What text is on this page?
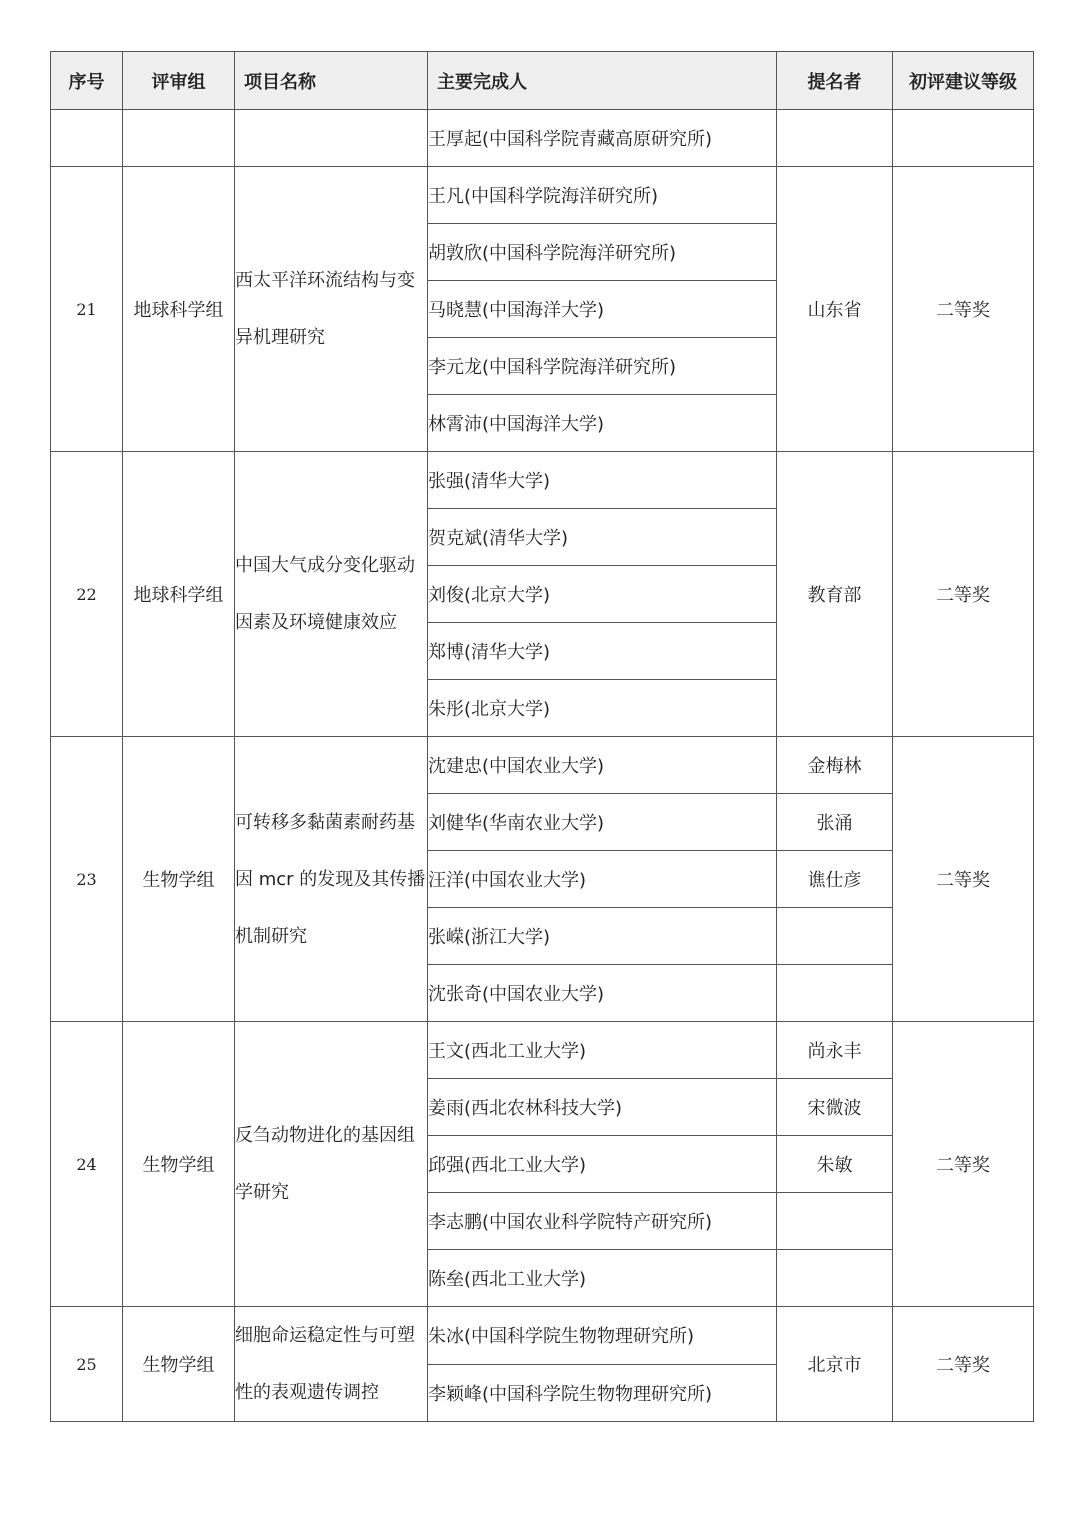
序号	评审组	项目名称	主要完成人	提名者	初评建议等级
			王厚起(中国科学院青藏高原研究所)		
21	地球科学组	西太平洋环流结构与变异机理研究	王凡(中国科学院海洋研究所)	山东省	二等奖
			胡敦欣(中国科学院海洋研究所)		
			马晓慧(中国海洋大学)		
			李元龙(中国科学院海洋研究所)		
			林霄沛(中国海洋大学)		
22	地球科学组	中国大气成分变化驱动因素及环境健康效应	张强(清华大学)	教育部	二等奖
			贺克斌(清华大学)		
			刘俊(北京大学)		
			郑博(清华大学)		
			朱彤(北京大学)		
23	生物学组	可转移多黏菌素耐药基因 mcr 的发现及其传播机制研究	沈建忠(中国农业大学)	金梅林	二等奖
			刘健华(华南农业大学)	张涌	
			汪洋(中国农业大学)	谯仕彦	
			张嵘(浙江大学)		
			沈张奇(中国农业大学)		
24	生物学组	反刍动物进化的基因组学研究	王文(西北工业大学)	尚永丰	二等奖
			姜雨(西北农林科技大学)	宋微波	
			邱强(西北工业大学)	朱敏	
			李志鹏(中国农业科学院特产研究所)		
			陈垒(西北工业大学)		
25	生物学组	细胞命运稳定性与可塑性的表观遗传调控	朱冰(中国科学院生物物理研究所)	北京市	二等奖
			李颖峰(中国科学院生物物理研究所)		
